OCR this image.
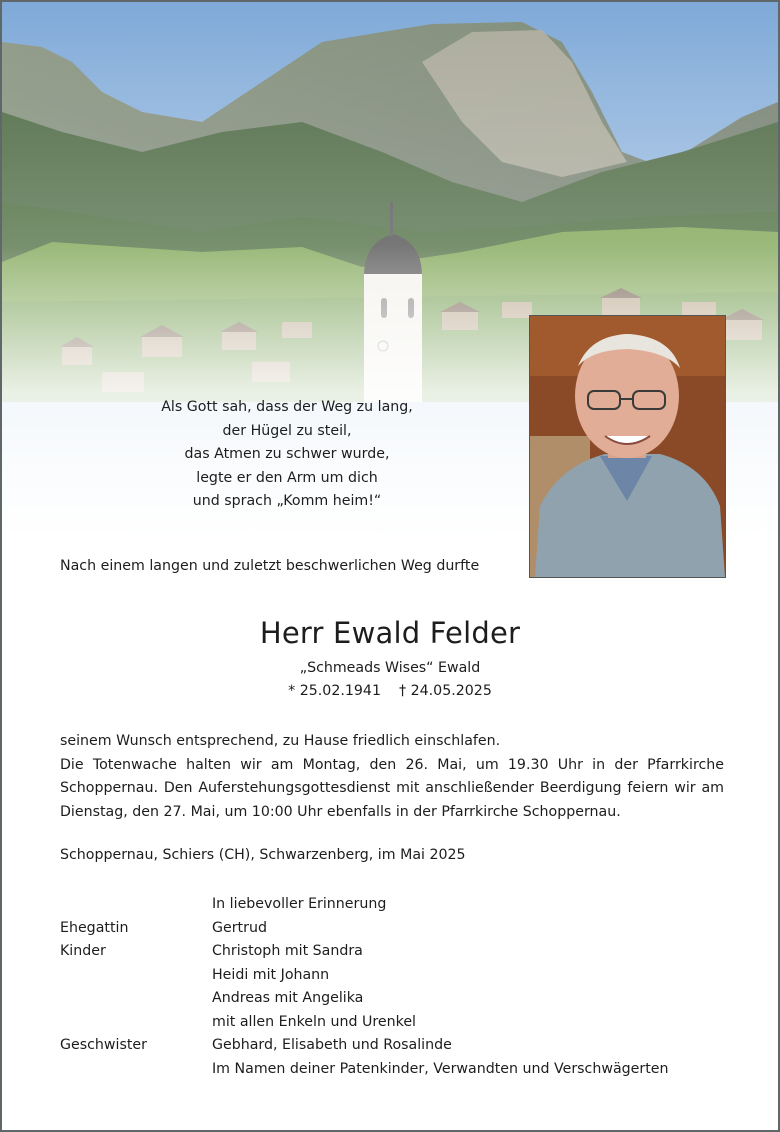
Als Gott sah, dass der Weg zu lang,
der Hügel zu steil,
das Atmen zu schwer wurde,
legte er den Arm um dich
und sprach „Komm heim!“
Nach einem langen und zuletzt beschwerlichen Weg durfte
Herr Ewald Felder
„Schmeads Wises“ Ewald
* 25.02.1941    † 24.05.2025

seinem Wunsch entsprechend, zu Hause friedlich einschlafen.

Die Totenwache halten wir am Montag, den 26. Mai, um 19.30 Uhr in der Pfarrkirche Schoppernau. Den Auferstehungsgottesdienst mit anschließender Beerdigung feiern wir am Dienstag, den 27. Mai, um 10:00 Uhr ebenfalls in der Pfarrkirche Schoppernau.

Schoppernau, Schiers (CH), Schwarzenberg, im Mai 2025
In liebevoller Erinnerung
Ehegattin	Gertrud
Kinder	Christoph mit Sandra
Heidi mit Johann
Andreas mit Angelika
mit allen Enkeln und Urenkel
Geschwister	Gebhard, Elisabeth und Rosalinde
Im Namen deiner Patenkinder, Verwandten und Verschwägerten
